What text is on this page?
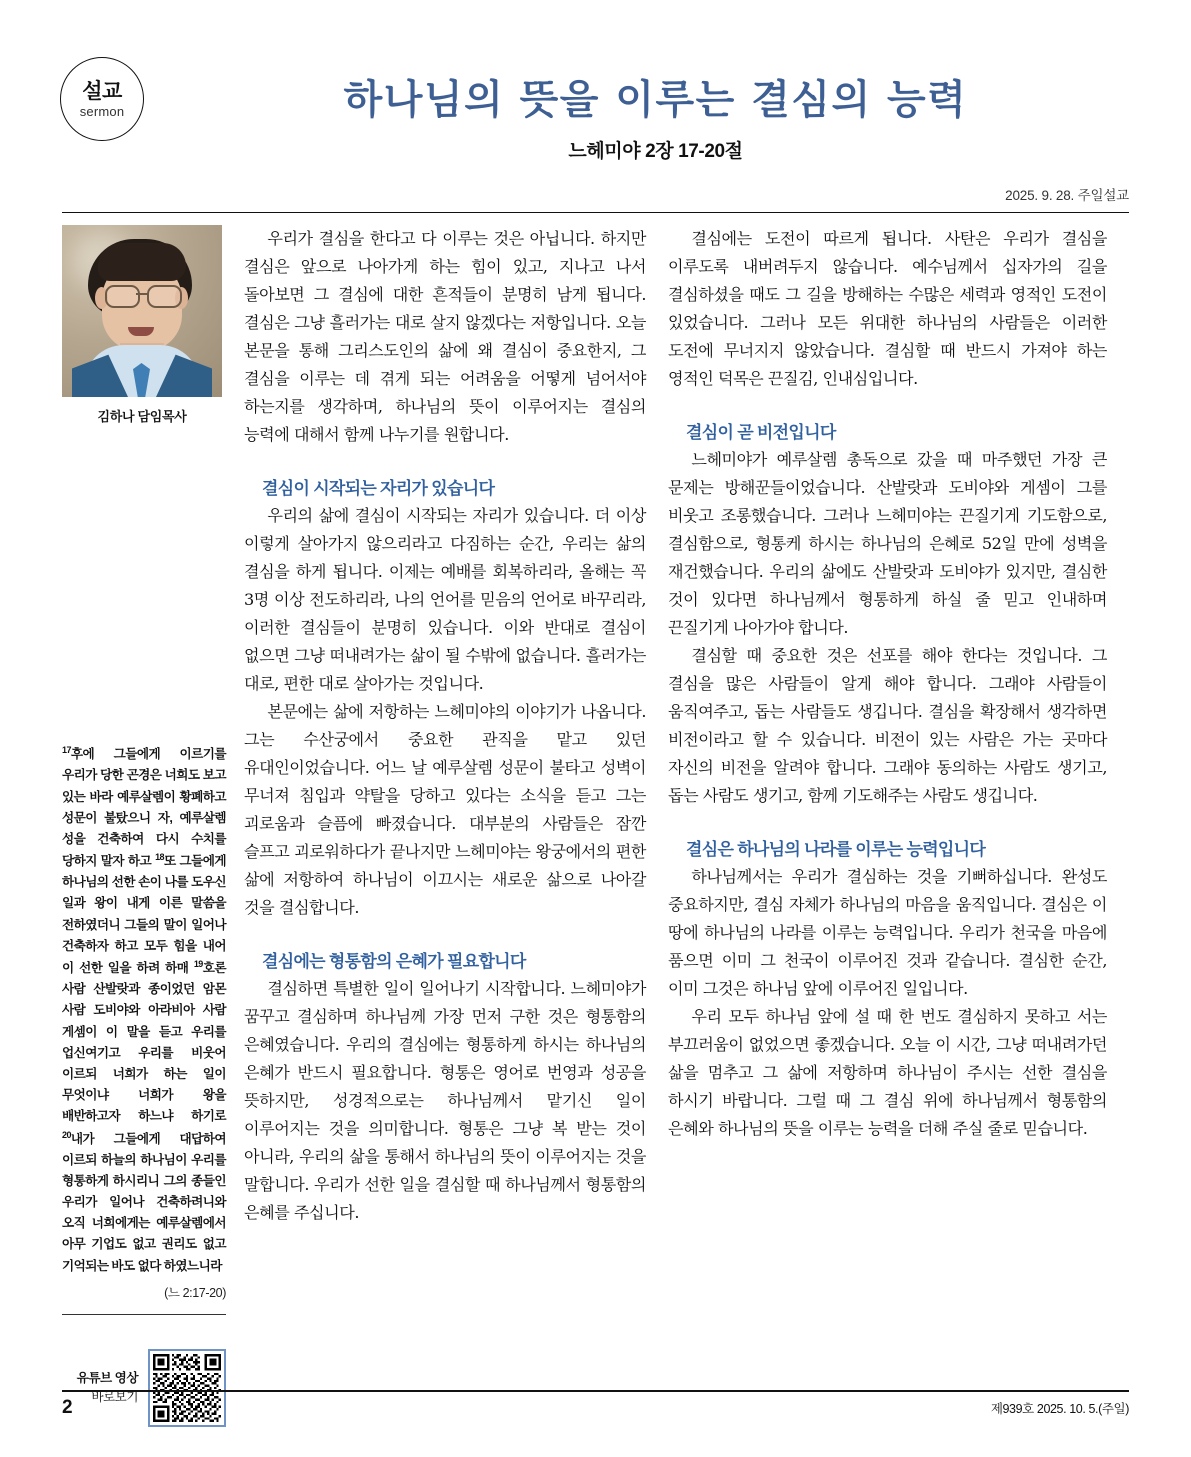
설교
sermon	하나님의 뜻을 이루는 결심의 능력
느헤미야 2장 17-20절
2025. 9. 28. 주일설교
김하나 담임목사
$^{17}$후에 그들에게 이르기를 우리가 당한 곤경은 너희도 보고 있는 바라 예루살렘이 황폐하고 성문이 불탔으니 자, 예루살렘 성을 건축하여 다시 수치를 당하지 말자 하고 $^{18}$또 그들에게 하나님의 선한 손이 나를 도우신 일과 왕이 내게 이른 말씀을 전하였더니 그들의 말이 일어나 건축하자 하고 모두 힘을 내어 이 선한 일을 하려 하매 $^{19}$호론 사람 산발랏과 종이었던 암몬 사람 도비야와 아라비아 사람 게셈이 이 말을 듣고 우리를 업신여기고 우리를 비웃어 이르되 너희가 하는 일이 무엇이냐 너희가 왕을 배반하고자 하느냐 하기로 $^{20}$내가 그들에게 대답하여 이르되 하늘의 하나님이 우리를 형통하게 하시리니 그의 종들인 우리가 일어나 건축하려니와 오직 너희에게는 예루살렘에서 아무 기업도 없고 권리도 없고 기억되는 바도 없다 하였느니라
(느 2:17-20)
유튜브 영상
바로보기

우리가 결심을 한다고 다 이루는 것은 아닙니다. 하지만 결심은 앞으로 나아가게 하는 힘이 있고, 지나고 나서 돌아보면 그 결심에 대한 흔적들이 분명히 남게 됩니다. 결심은 그냥 흘러가는 대로 살지 않겠다는 저항입니다. 오늘 본문을 통해 그리스도인의 삶에 왜 결심이 중요한지, 그 결심을 이루는 데 겪게 되는 어려움을 어떻게 넘어서야 하는지를 생각하며, 하나님의 뜻이 이루어지는 결심의 능력에 대해서 함께 나누기를 원합니다.

결심이 시작되는 자리가 있습니다

우리의 삶에 결심이 시작되는 자리가 있습니다. 더 이상 이렇게 살아가지 않으리라고 다짐하는 순간, 우리는 삶의 결심을 하게 됩니다. 이제는 예배를 회복하리라, 올해는 꼭 3명 이상 전도하리라, 나의 언어를 믿음의 언어로 바꾸리라, 이러한 결심들이 분명히 있습니다. 이와 반대로 결심이 없으면 그냥 떠내려가는 삶이 될 수밖에 없습니다. 흘러가는 대로, 편한 대로 살아가는 것입니다.

본문에는 삶에 저항하는 느헤미야의 이야기가 나옵니다. 그는 수산궁에서 중요한 관직을 맡고 있던 유대인이었습니다. 어느 날 예루살렘 성문이 불타고 성벽이 무너져 침입과 약탈을 당하고 있다는 소식을 듣고 그는 괴로움과 슬픔에 빠졌습니다. 대부분의 사람들은 잠깐 슬프고 괴로워하다가 끝나지만 느헤미야는 왕궁에서의 편한 삶에 저항하여 하나님이 이끄시는 새로운 삶으로 나아갈 것을 결심합니다.

결심에는 형통함의 은혜가 필요합니다

결심하면 특별한 일이 일어나기 시작합니다. 느헤미야가 꿈꾸고 결심하며 하나님께 가장 먼저 구한 것은 형통함의 은혜였습니다. 우리의 결심에는 형통하게 하시는 하나님의 은혜가 반드시 필요합니다. 형통은 영어로 번영과 성공을 뜻하지만, 성경적으로는 하나님께서 맡기신 일이 이루어지는 것을 의미합니다. 형통은 그냥 복 받는 것이 아니라, 우리의 삶을 통해서 하나님의 뜻이 이루어지는 것을 말합니다. 우리가 선한 일을 결심할 때 하나님께서 형통함의 은혜를 주십니다.

결심에는 도전이 따르게 됩니다. 사탄은 우리가 결심을 이루도록 내버려두지 않습니다. 예수님께서 십자가의 길을 결심하셨을 때도 그 길을 방해하는 수많은 세력과 영적인 도전이 있었습니다. 그러나 모든 위대한 하나님의 사람들은 이러한 도전에 무너지지 않았습니다. 결심할 때 반드시 가져야 하는 영적인 덕목은 끈질김, 인내심입니다.

결심이 곧 비전입니다

느헤미야가 예루살렘 총독으로 갔을 때 마주했던 가장 큰 문제는 방해꾼들이었습니다. 산발랏과 도비야와 게셈이 그를 비웃고 조롱했습니다. 그러나 느헤미야는 끈질기게 기도함으로, 결심함으로, 형통케 하시는 하나님의 은혜로 52일 만에 성벽을 재건했습니다. 우리의 삶에도 산발랏과 도비야가 있지만, 결심한 것이 있다면 하나님께서 형통하게 하실 줄 믿고 인내하며 끈질기게 나아가야 합니다.

결심할 때 중요한 것은 선포를 해야 한다는 것입니다. 그 결심을 많은 사람들이 알게 해야 합니다. 그래야 사람들이 움직여주고, 돕는 사람들도 생깁니다. 결심을 확장해서 생각하면 비전이라고 할 수 있습니다. 비전이 있는 사람은 가는 곳마다 자신의 비전을 알려야 합니다. 그래야 동의하는 사람도 생기고, 돕는 사람도 생기고, 함께 기도해주는 사람도 생깁니다.

결심은 하나님의 나라를 이루는 능력입니다

하나님께서는 우리가 결심하는 것을 기뻐하십니다. 완성도 중요하지만, 결심 자체가 하나님의 마음을 움직입니다. 결심은 이 땅에 하나님의 나라를 이루는 능력입니다. 우리가 천국을 마음에 품으면 이미 그 천국이 이루어진 것과 같습니다. 결심한 순간, 이미 그것은 하나님 앞에 이루어진 일입니다.

우리 모두 하나님 앞에 설 때 한 번도 결심하지 못하고 서는 부끄러움이 없었으면 좋겠습니다. 오늘 이 시간, 그냥 떠내려가던 삶을 멈추고 그 삶에 저항하며 하나님이 주시는 선한 결심을 하시기 바랍니다. 그럴 때 그 결심 위에 하나님께서 형통함의 은혜와 하나님의 뜻을 이루는 능력을 더해 주실 줄로 믿습니다.

2	제939호 2025. 10. 5.(주일)
